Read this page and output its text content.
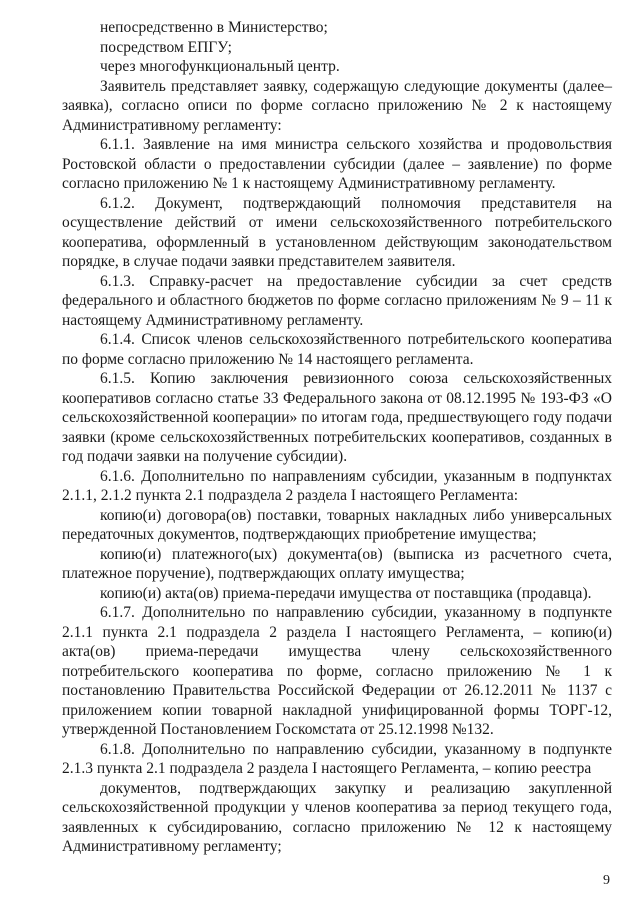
непосредственно в Министерство;

посредством ЕПГУ;

через многофункциональный центр.

Заявитель представляет заявку, содержащую следующие документы (далее– заявка), согласно описи по форме согласно приложению № 2 к настоящему Административному регламенту:

6.1.1. Заявление на имя министра сельского хозяйства и продовольствия Ростовской области о предоставлении субсидии (далее – заявление) по форме согласно приложению № 1 к настоящему Административному регламенту.

6.1.2. Документ, подтверждающий полномочия представителя на осуществление действий от имени сельскохозяйственного потребительского кооператива, оформленный в установленном действующим законодательством порядке, в случае подачи заявки представителем заявителя.

6.1.3. Справку-расчет на предоставление субсидии за счет средств федерального и областного бюджетов по форме согласно приложениям № 9 – 11 к настоящему Административному регламенту.

6.1.4. Список членов сельскохозяйственного потребительского кооператива по форме согласно приложению № 14 настоящего регламента.

6.1.5. Копию заключения ревизионного союза сельскохозяйственных кооперативов согласно статье 33 Федерального закона от 08.12.1995 № 193-ФЗ «О сельскохозяйственной кооперации» по итогам года, предшествующего году подачи заявки (кроме сельскохозяйственных потребительских кооперативов, созданных в год подачи заявки на получение субсидии).

6.1.6. Дополнительно по направлениям субсидии, указанным в подпунктах 2.1.1, 2.1.2 пункта 2.1 подраздела 2 раздела I настоящего Регламента:

копию(и) договора(ов) поставки, товарных накладных либо универсальных передаточных документов, подтверждающих приобретение имущества;

копию(и) платежного(ых) документа(ов) (выписка из расчетного счета, платежное поручение), подтверждающих оплату имущества;

копию(и) акта(ов) приема-передачи имущества от поставщика (продавца).

6.1.7. Дополнительно по направлению субсидии, указанному в подпункте 2.1.1 пункта 2.1 подраздела 2 раздела I настоящего Регламента, – копию(и) акта(ов) приема-передачи имущества члену сельскохозяйственного потребительского кооператива по форме, согласно приложению № 1 к постановлению Правительства Российской Федерации от 26.12.2011 № 1137 с приложением копии товарной накладной унифицированной формы ТОРГ-12, утвержденной Постановлением Госкомстата от 25.12.1998 №132.

6.1.8. Дополнительно по направлению субсидии, указанному в подпункте 2.1.3 пункта 2.1 подраздела 2 раздела I настоящего Регламента, – копию реестра

документов, подтверждающих закупку и реализацию закупленной сельскохозяйственной продукции у членов кооператива за период текущего года, заявленных к субсидированию, согласно приложению № 12 к настоящему Административному регламенту;

9
